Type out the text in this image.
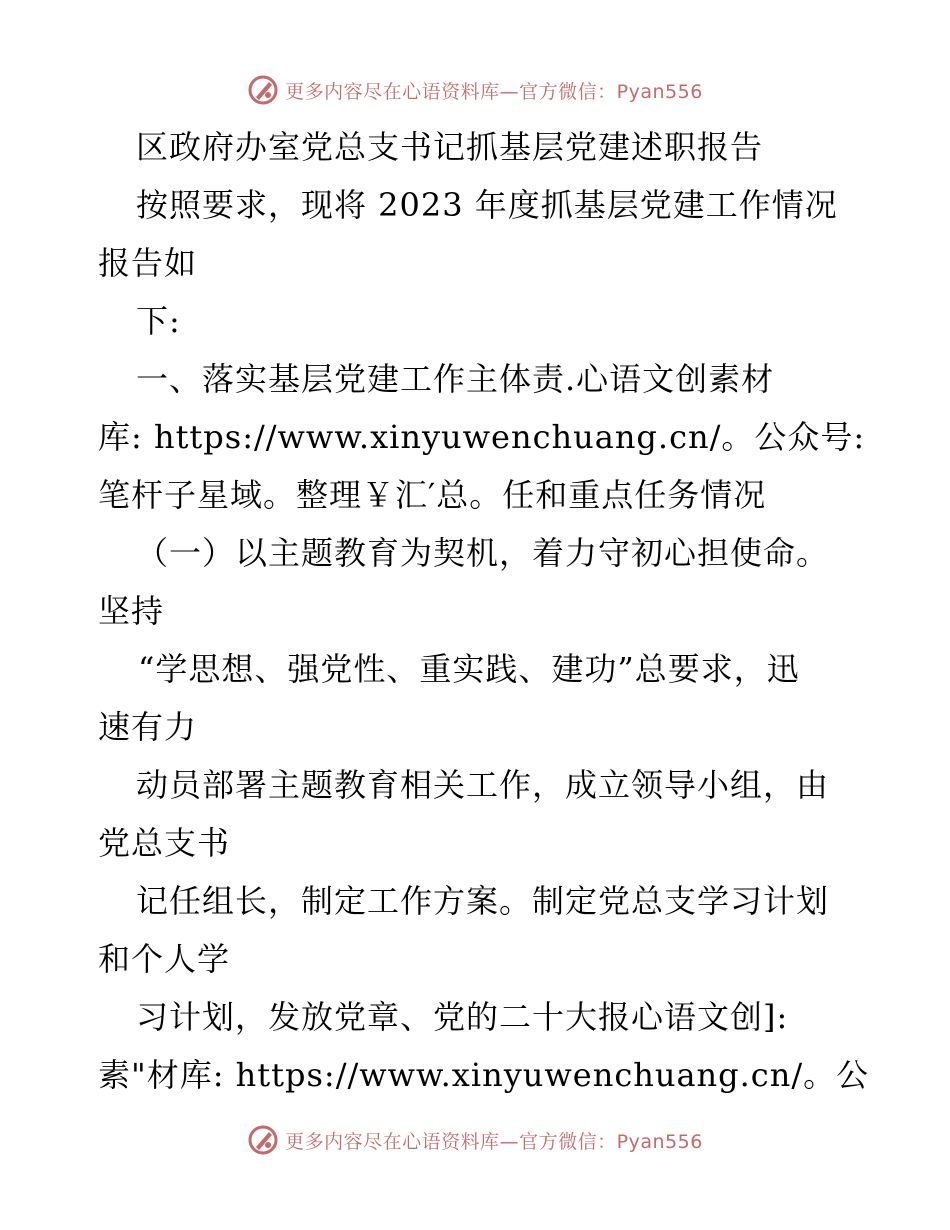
更多内容尽在心语资料库—官方微信：Pyan556
区政府办室党总支书记抓基层党建述职报告
按照要求，现将 2023 年度抓基层党建工作情况
报告如
下:
一、落实基层党建工作主体责.心语文创素材
库: https://www.xinyuwenchuang.cn/。公众号:
笔杆子星域。整理￥汇′总。任和重点任务情况
（一）以主题教育为契机，着力守初心担使命。
坚持
“学思想、强党性、重实践、建功”总要求，迅
速有力
动员部署主题教育相关工作，成立领导小组，由
党总支书
记任组长，制定工作方案。制定党总支学习计划
和个人学
习计划，发放党章、党的二十大报心语文创]:
素"材库: https://www.xinyuwenchuang.cn/。公
更多内容尽在心语资料库—官方微信：Pyan556
